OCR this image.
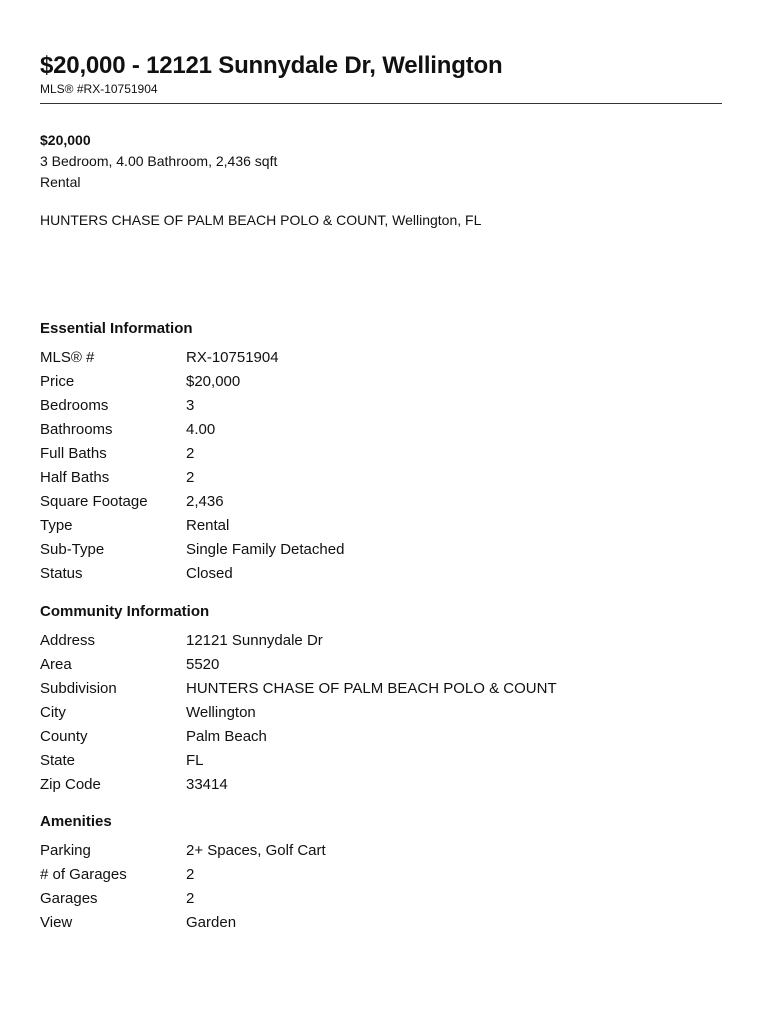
$20,000 - 12121 Sunnydale Dr, Wellington
MLS® #RX-10751904
$20,000
3 Bedroom, 4.00 Bathroom, 2,436 sqft
Rental
HUNTERS CHASE OF PALM BEACH POLO & COUNT, Wellington, FL
Essential Information
MLS® #	RX-10751904
Price	$20,000
Bedrooms	3
Bathrooms	4.00
Full Baths	2
Half Baths	2
Square Footage	2,436
Type	Rental
Sub-Type	Single Family Detached
Status	Closed
Community Information
Address	12121 Sunnydale Dr
Area	5520
Subdivision	HUNTERS CHASE OF PALM BEACH POLO & COUNT
City	Wellington
County	Palm Beach
State	FL
Zip Code	33414
Amenities
Parking	2+ Spaces, Golf Cart
# of Garages	2
Garages	2
View	Garden
